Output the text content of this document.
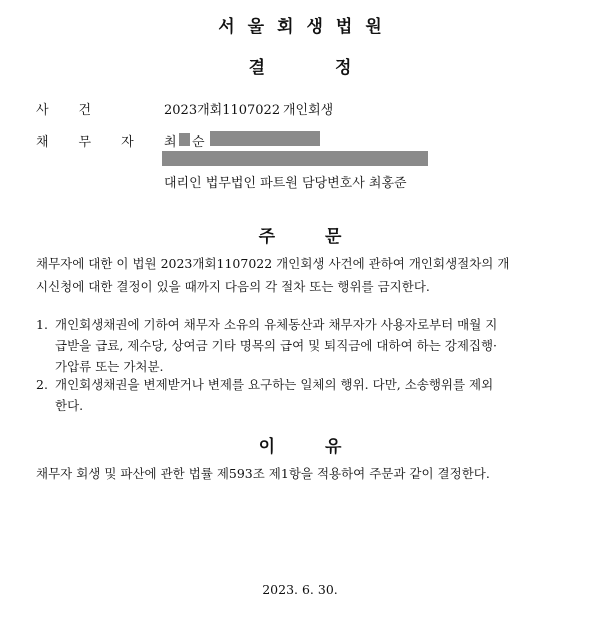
서울회생법원
결정
사건	2023개회1107022 개인회생
채무자 최 순
대리인 법무법인 파트원 담당변호사 최홍준
주문
채무자에 대한 이 법원 2023개회1107022 개인회생 사건에 관하여 개인회생절차의 개
시신청에 대한 결정이 있을 때까지 다음의 각 절차 또는 행위를 금지한다.
1. 개인회생채권에 기하여 채무자 소유의 유체동산과 채무자가 사용자로부터 매월 지
급받을 급료, 제수당, 상여금 기타 명목의 급여 및 퇴직금에 대하여 하는 강제집행·
가압류 또는 가처분.
2. 개인회생채권을 변제받거나 변제를 요구하는 일체의 행위. 다만, 소송행위를 제외
한다.
이유
채무자 회생 및 파산에 관한 법률 제593조 제1항을 적용하여 주문과 같이 결정한다.
2023. 6. 30.
